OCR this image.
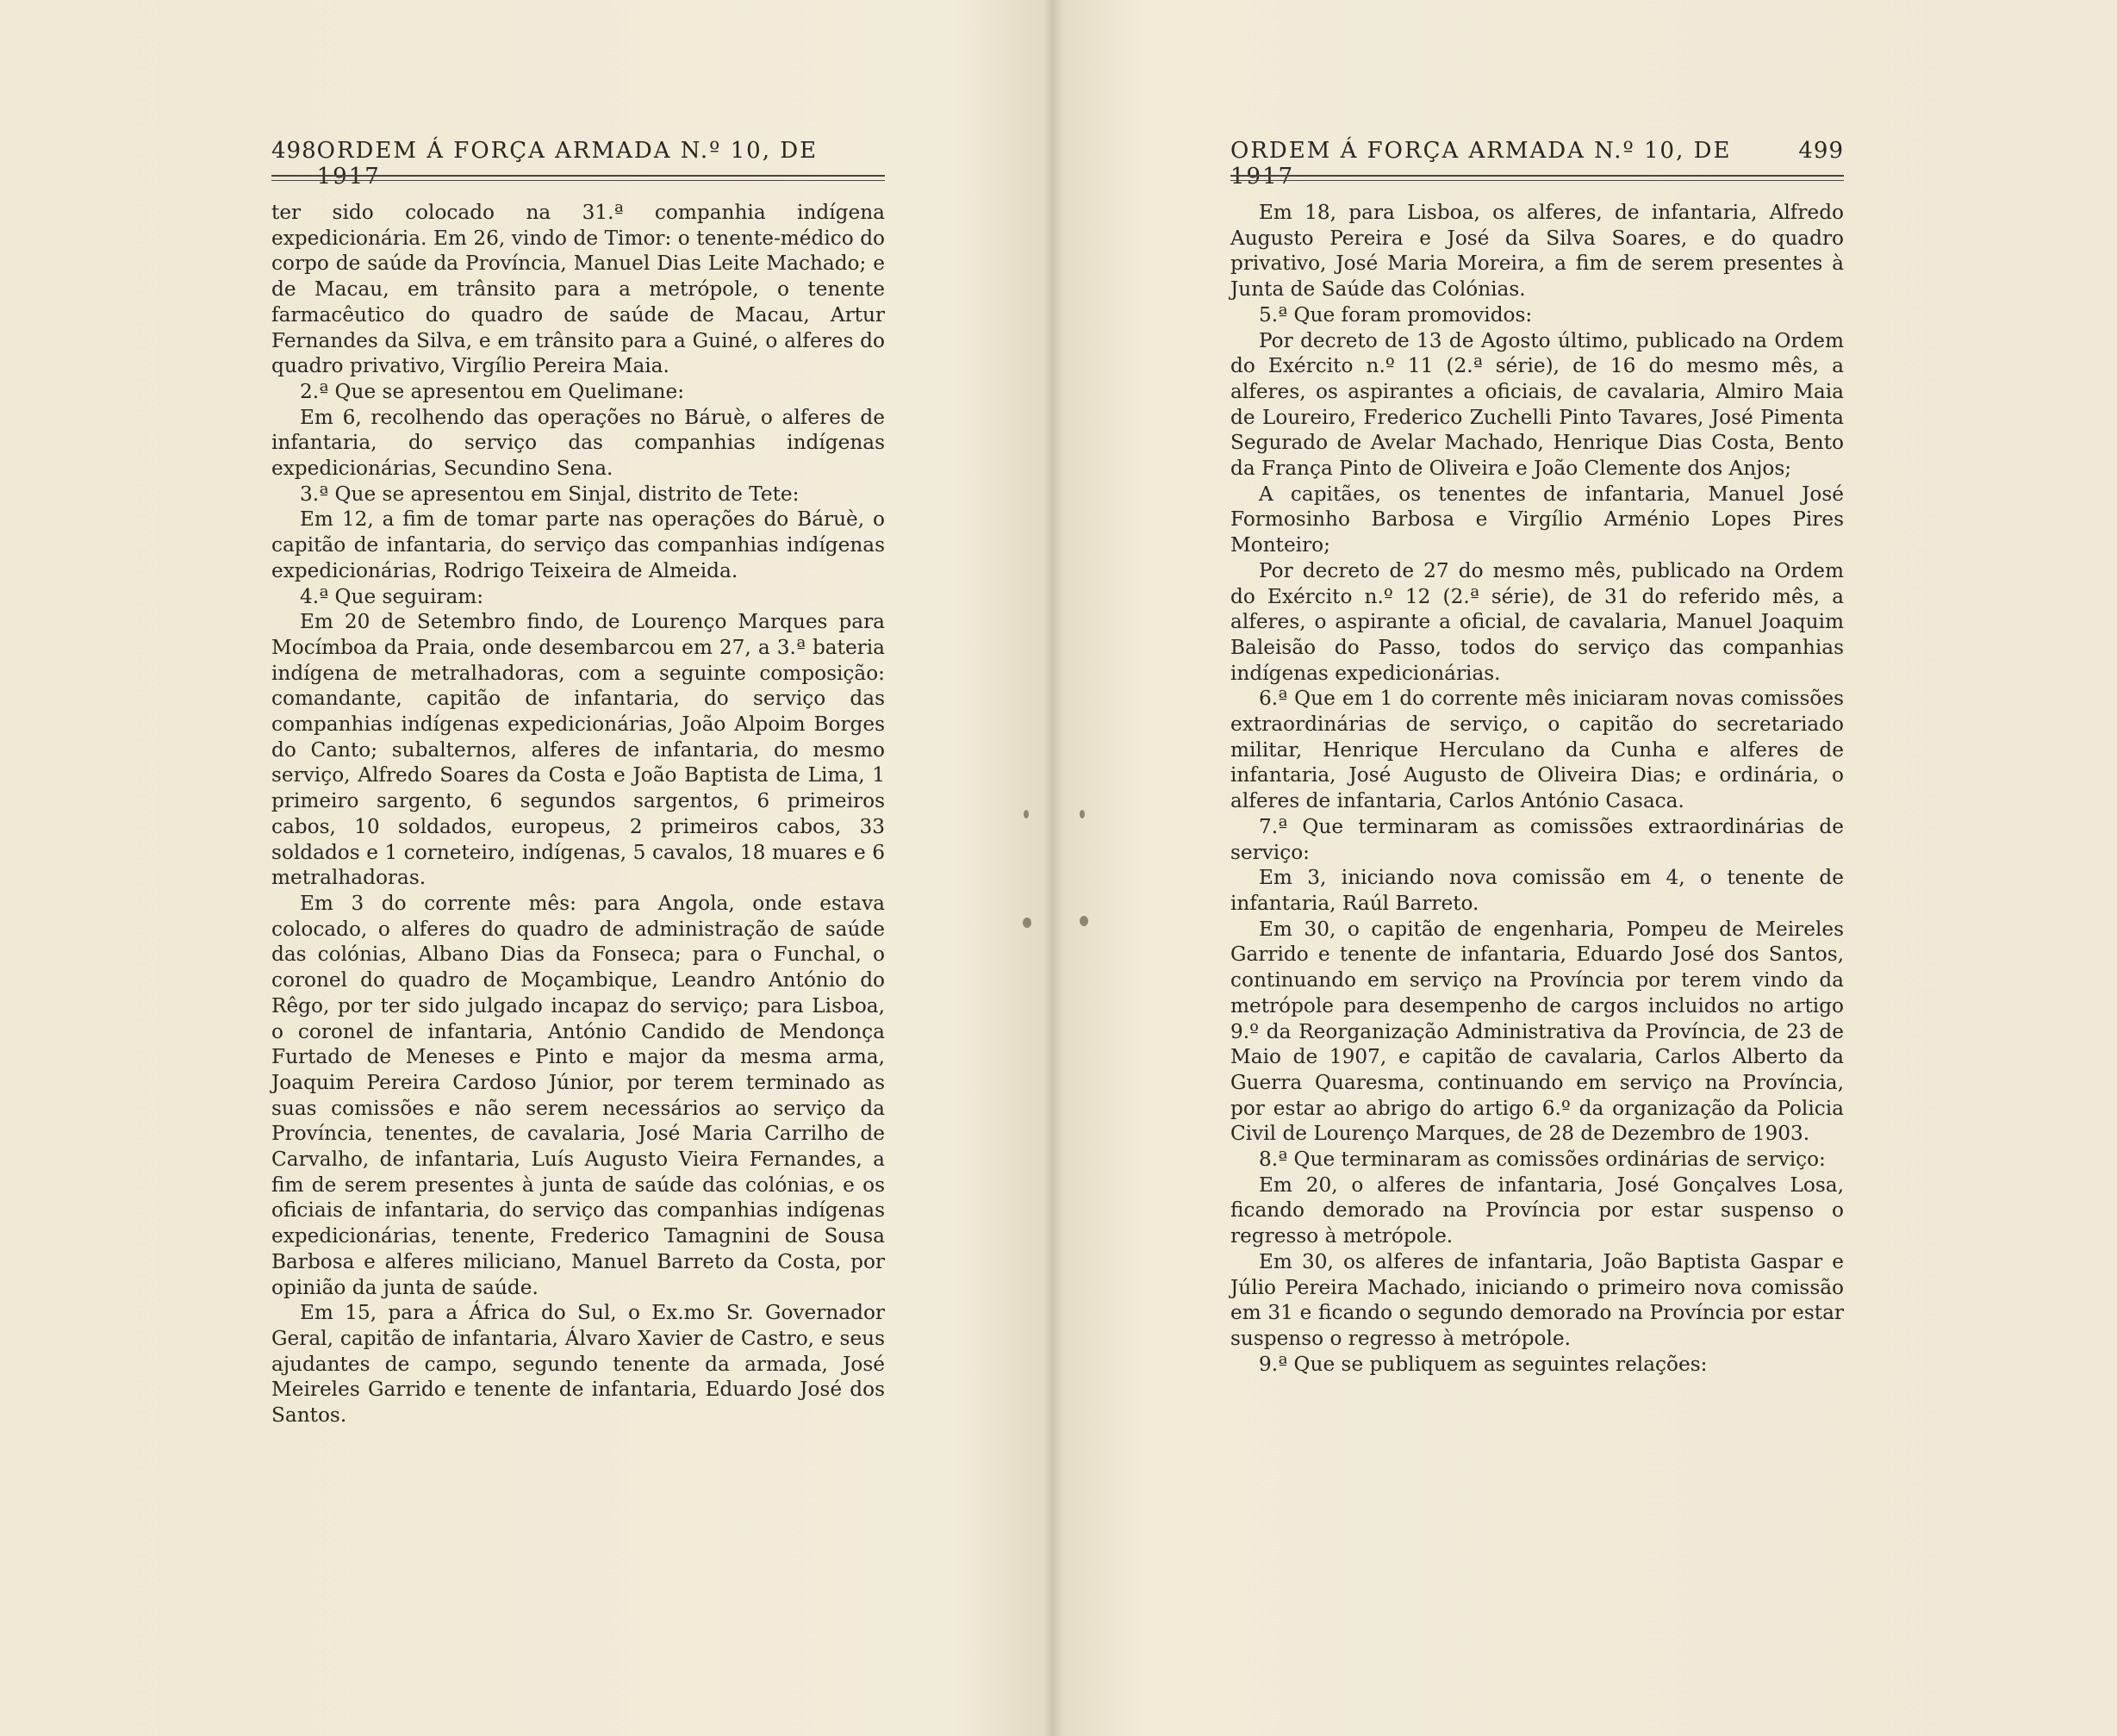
498 ORDEM Á FORÇA ARMADA N.º 10, DE 1917

ter sido colocado na 31.ª companhia indígena expedicionária. Em 26, vindo de Timor: o tenente-médico do corpo de saúde da Província, Manuel Dias Leite Machado; e de Macau, em trânsito para a metrópole, o tenente farmacêutico do quadro de saúde de Macau, Artur Fernandes da Silva, e em trânsito para a Guiné, o alferes do quadro privativo, Virgílio Pereira Maia.

2.ª Que se apresentou em Quelimane:

Em 6, recolhendo das operações no Báruè, o alferes de infantaria, do serviço das companhias indígenas expedicionárias, Secundino Sena.

3.ª Que se apresentou em Sinjal, distrito de Tete:

Em 12, a fim de tomar parte nas operações do Báruè, o capitão de infantaria, do serviço das companhias indígenas expedicionárias, Rodrigo Teixeira de Almeida.

4.ª Que seguiram:

Em 20 de Setembro findo, de Lourenço Marques para Mocímboa da Praia, onde desembarcou em 27, a 3.ª bateria indígena de metralhadoras, com a seguinte composição: comandante, capitão de infantaria, do serviço das companhias indígenas expedicionárias, João Alpoim Borges do Canto; subalternos, alferes de infantaria, do mesmo serviço, Alfredo Soares da Costa e João Baptista de Lima, 1 primeiro sargento, 6 segundos sargentos, 6 primeiros cabos, 10 soldados, europeus, 2 primeiros cabos, 33 soldados e 1 corneteiro, indígenas, 5 cavalos, 18 muares e 6 metralhadoras.

Em 3 do corrente mês: para Angola, onde estava colocado, o alferes do quadro de administração de saúde das colónias, Albano Dias da Fonseca; para o Funchal, o coronel do quadro de Moçambique, Leandro António do Rêgo, por ter sido julgado incapaz do serviço; para Lisboa, o coronel de infantaria, António Candido de Mendonça Furtado de Meneses e Pinto e major da mesma arma, Joaquim Pereira Cardoso Júnior, por terem terminado as suas comissões e não serem necessários ao serviço da Província, tenentes, de cavalaria, José Maria Carrilho de Carvalho, de infantaria, Luís Augusto Vieira Fernandes, a fim de serem presentes à junta de saúde das colónias, e os oficiais de infantaria, do serviço das companhias indígenas expedicionárias, tenente, Frederico Tamagnini de Sousa Barbosa e alferes miliciano, Manuel Barreto da Costa, por opinião da junta de saúde.

Em 15, para a África do Sul, o Ex.mo Sr. Governador Geral, capitão de infantaria, Álvaro Xavier de Castro, e seus ajudantes de campo, segundo tenente da armada, José Meireles Garrido e tenente de infantaria, Eduardo José dos Santos.

ORDEM Á FORÇA ARMADA N.º 10, DE 1917
499

Em 18, para Lisboa, os alferes, de infantaria, Alfredo Augusto Pereira e José da Silva Soares, e do quadro privativo, José Maria Moreira, a fim de serem presentes à Junta de Saúde das Colónias.

5.ª Que foram promovidos:

Por decreto de 13 de Agosto último, publicado na Ordem do Exército n.º 11 (2.ª série), de 16 do mesmo mês, a alferes, os aspirantes a oficiais, de cavalaria, Almiro Maia de Loureiro, Frederico Zuchelli Pinto Tavares, José Pimenta Segurado de Avelar Machado, Henrique Dias Costa, Bento da França Pinto de Oliveira e João Clemente dos Anjos;

A capitães, os tenentes de infantaria, Manuel José Formosinho Barbosa e Virgílio Arménio Lopes Pires Monteiro;

Por decreto de 27 do mesmo mês, publicado na Ordem do Exército n.º 12 (2.ª série), de 31 do referido mês, a alferes, o aspirante a oficial, de cavalaria, Manuel Joaquim Baleisão do Passo, todos do serviço das companhias indígenas expedicionárias.

6.ª Que em 1 do corrente mês iniciaram novas comissões extraordinárias de serviço, o capitão do secretariado militar, Henrique Herculano da Cunha e alferes de infantaria, José Augusto de Oliveira Dias; e ordinária, o alferes de infantaria, Carlos António Casaca.

7.ª Que terminaram as comissões extraordinárias de serviço:

Em 3, iniciando nova comissão em 4, o tenente de infantaria, Raúl Barreto.

Em 30, o capitão de engenharia, Pompeu de Meireles Garrido e tenente de infantaria, Eduardo José dos Santos, continuando em serviço na Província por terem vindo da metrópole para desempenho de cargos incluidos no artigo 9.º da Reorganização Administrativa da Província, de 23 de Maio de 1907, e capitão de cavalaria, Carlos Alberto da Guerra Quaresma, continuando em serviço na Província, por estar ao abrigo do artigo 6.º da organização da Policia Civil de Lourenço Marques, de 28 de Dezembro de 1903.

8.ª Que terminaram as comissões ordinárias de serviço:

Em 20, o alferes de infantaria, José Gonçalves Losa, ficando demorado na Província por estar suspenso o regresso à metrópole.

Em 30, os alferes de infantaria, João Baptista Gaspar e Júlio Pereira Machado, iniciando o primeiro nova comissão em 31 e ficando o segundo demorado na Província por estar suspenso o regresso à metrópole.

9.ª Que se publiquem as seguintes relações:
